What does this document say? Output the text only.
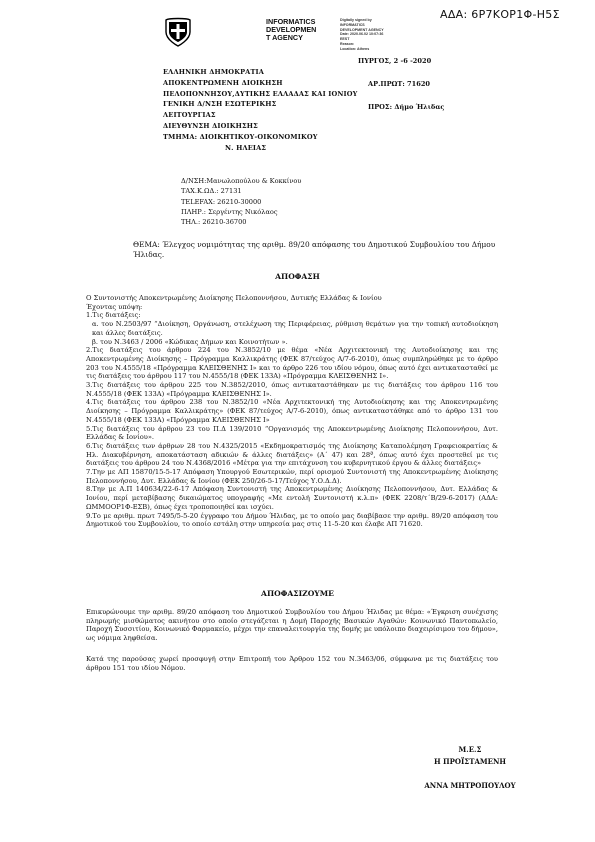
ΑΔΑ: 6Ρ7ΚΟΡ1Φ-Η5Σ
INFORMATICS
DEVELOPMEN
T AGENCY
Digitally signed by
INFORMATICS
DEVELOPMENT AGENCY
Date: 2020.06.02 10:07:36
EEST
Reason:
Location: Athens
ΕΛΛΗΝΙΚΗ ΔΗΜΟΚΡΑΤΙΑ
ΑΠΟΚΕΝΤΡΩΜΕΝΗ ΔΙΟΙΚΗΣΗ
ΠΕΛΟΠΟΝΝΗΣΟΥ,ΔΥΤΙΚΗΣ ΕΛΛΑΔΑΣ ΚΑΙ ΙΟΝΙΟΥ
ΓΕΝΙΚΗ Δ/ΝΣΗ ΕΣΩΤΕΡΙΚΗΣ
ΛΕΙΤΟΥΡΓΙΑΣ
ΔΙΕΥΘΥΝΣΗ ΔΙΟΙΚΗΣΗΣ
ΤΜΗΜΑ: ΔΙΟΙΚΗΤΙΚΟΥ-ΟΙΚΟΝΟΜΙΚΟΥ
Ν. ΗΛΕΙΑΣ
ΠΥΡΓΟΣ, 2 -6 -2020
ΑΡ.ΠΡΩΤ: 71620
ΠΡΟΣ: Δήμο Ήλιδας
Δ/ΝΣΗ:Μανωλοπούλου & Κοκκίνου
ΤΑΧ.Κ.ΩΔ.: 27131
TELEFAX: 26210-30000
ΠΛΗΡ.: Σεργέντης Νικόλαος
ΤΗΛ.: 26210-36700
ΘΕΜΑ: Έλεγχος νομιμότητας της αριθμ. 89/20 απόφασης του Δημοτικού Συμβουλίου του Δήμου Ήλιδας.
ΑΠΟΦΑΣΗ

Ο Συντονιστής Αποκεντρωμένης Διοίκησης Πελοποννήσου, Δυτικής Ελλάδας & Ιονίου

Έχοντας υπόψη:

1.Τις διατάξεις:

α. του Ν.2503/97 “Διοίκηση, Οργάνωση, στελέχωση της Περιφέρειας, ρύθμιση θεμάτων για την τοπική αυτοδιοίκηση και άλλες διατάξεις.

β. του Ν.3463 / 2006 «Κώδικας Δήμων και Κοινοτήτων ».

2.Τις διατάξεις του άρθρου 224 του Ν.3852/10 με θέμα «Νέα Αρχιτεκτονική της Αυτοδιοίκησης και της Αποκεντρωμένης Διοίκησης – Πρόγραμμα Καλλικράτης (ΦΕΚ 87/τεύχος Α/7-6-2010), όπως συμπληρώθηκε με το άρθρο 203 του Ν.4555/18 «Πρόγραμμα ΚΛΕΙΣΘΕΝΗΣ Ι» και το άρθρο 226 του ιδίου νόμου, όπως αυτό έχει αντικατασταθεί με τις διατάξεις του άρθρου 117 του Ν.4555/18 (ΦΕΚ 133Α) «Πρόγραμμα ΚΛΕΙΣΘΕΝΗΣ Ι».

3.Τις διατάξεις του άρθρου 225 του Ν.3852/2010, όπως αντικαταστάθηκαν με τις διατάξεις του άρθρου 116 του Ν.4555/18 (ΦΕΚ 133Α) «Πρόγραμμα ΚΛΕΙΣΘΕΝΗΣ Ι».

4.Τις διατάξεις του άρθρου 238 του Ν.3852/10 «Νέα Αρχιτεκτονική της Αυτοδιοίκησης και της Αποκεντρωμένης Διοίκησης – Πρόγραμμα Καλλικράτης» (ΦΕΚ 87/τεύχος Α/7-6-2010), όπως αντικαταστάθηκε από το άρθρο 131 του Ν.4555/18 (ΦΕΚ 133Α) «Πρόγραμμα ΚΛΕΙΣΘΕΝΗΣ Ι»

5.Τις διατάξεις του άρθρου 23 του Π.Δ 139/2010 “Οργανισμός της Αποκεντρωμένης Διοίκησης Πελοποννήσου, Δυτ. Ελλάδας & Ιονίου».

6.Τις διατάξεις των άρθρων 28 του Ν.4325/2015 «Εκδημοκρατισμός της Διοίκησης Καταπολέμηση Γραφειοκρατίας & Ηλ. Διακυβέρνηση, αποκατάσταση αδικιών & άλλες διατάξεις» (Α΄ 47) και 28ª, όπως αυτό έχει προστεθεί με τις διατάξεις του άρθρου 24 του Ν.4368/2016 «Μέτρα για την επιτάχυνση του κυβερνητικού έργου & άλλες διατάξεις»

7.Την με ΑΠ 15870/15-5-17 Απόφαση Υπουργού Εσωτερικών, περί ορισμού Συντονιστή της Αποκεντρωμένης Διοίκησης Πελοποννήσου, Δυτ. Ελλάδας & Ιονίου (ΦΕΚ 250/26-5-17/Τεύχος Υ.Ο.Δ.Δ).

8.Την με Α.Π 140634/22-6-17 Απόφαση Συντονιστή της Αποκεντρωμένης Διοίκησης Πελοποννήσου, Δυτ. Ελλάδας & Ιονίου, περί μεταβίβασης δικαιώματος υπογραφής «Με εντολή Συντονιστή κ.λ.π» (ΦΕΚ 2208/τ΄Β/29-6-2017) (ΑΔΑ: ΩΜΜΟΟΡ1Φ-ΕΣΒ), όπως έχει τροποποιηθεί και ισχύει.

9.Το με αριθμ. πρωτ 7495/5-5-20 έγγραφο του Δήμου Ήλιδας, με το οποίο μας διαβίβασε την αριθμ. 89/20 απόφαση του Δημοτικού του Συμβουλίου, το οποίο εστάλη στην υπηρεσία μας στις 11-5-20 και έλαβε ΑΠ 71620.

ΑΠΟΦΑΣΙΖΟΥΜΕ

Επικυρώνουμε την αριθμ. 89/20 απόφαση του Δημοτικού Συμβουλίου του Δήμου Ήλιδας με θέμα: «Έγκριση συνέχισης πληρωμής μισθώματος ακινήτου στο οποίο στεγάζεται η Δομή Παροχής Βασικών Αγαθών: Κοινωνικό Παντοπωλείο, Παροχή Συσσιτίου, Κοινωνικό Φαρμακείο, μέχρι την επαναλειτουργία της δομής με υπόλοιπο διαχειρίσιμου του δήμου», ως νόμιμα ληφθείσα.

Κατά της παρούσας χωρεί προσφυγή στην Επιτροπή του Άρθρου 152 του Ν.3463/06, σύμφωνα με τις διατάξεις του άρθρου 151 του ιδίου Νόμου.

Μ.Ε.Σ
Η ΠΡΟΪΣΤΑΜΕΝΗ
ΑΝΝΑ ΜΗΤΡΟΠΟΥΛΟΥ
